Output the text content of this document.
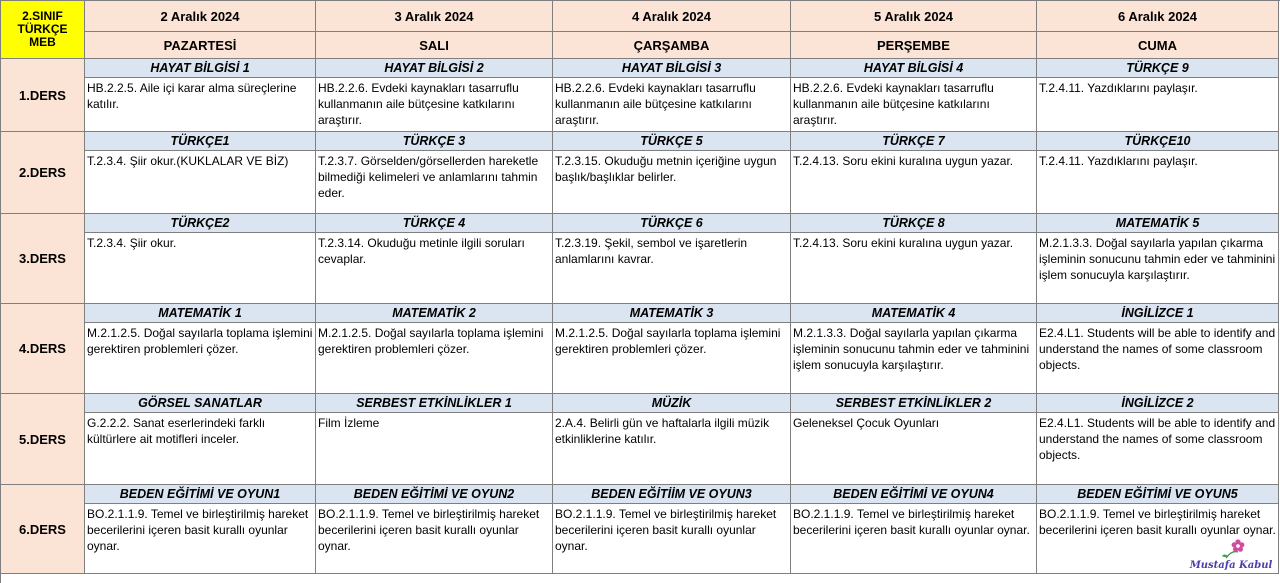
2.SINIF
TÜRKÇE
MEB
2 Aralık 2024
PAZARTESİ
3 Aralık 2024
SALI
4 Aralık 2024
ÇARŞAMBA
5 Aralık 2024
PERŞEMBE
6 Aralık 2024
CUMA
1.DERS
HAYAT BİLGİSİ 1
HB.2.2.5. Aile içi karar alma süreçlerine katılır.
HAYAT BİLGİSİ 2
HB.2.2.6. Evdeki kaynakları tasarruflu kullanmanın aile bütçesine katkılarını araştırır.
HAYAT BİLGİSİ 3
HB.2.2.6. Evdeki kaynakları tasarruflu kullanmanın aile bütçesine katkılarını araştırır.
HAYAT BİLGİSİ 4
HB.2.2.6. Evdeki kaynakları tasarruflu kullanmanın aile bütçesine katkılarını araştırır.
TÜRKÇE 9
T.2.4.11. Yazdıklarını paylaşır.
2.DERS
TÜRKÇE1
T.2.3.4. Şiir okur.(KUKLALAR VE BİZ)
TÜRKÇE 3
T.2.3.7. Görselden/görsellerden hareketle bilmediği kelimeleri ve anlamlarını tahmin eder.
TÜRKÇE 5
T.2.3.15. Okuduğu metnin içeriğine uygun başlık/başlıklar belirler.
TÜRKÇE 7
T.2.4.13. Soru ekini kuralına uygun yazar.
TÜRKÇE10
T.2.4.11. Yazdıklarını paylaşır.
3.DERS
TÜRKÇE2
T.2.3.4. Şiir okur.
TÜRKÇE 4
T.2.3.14. Okuduğu metinle ilgili soruları cevaplar.
TÜRKÇE 6
T.2.3.19. Şekil, sembol ve işaretlerin anlamlarını kavrar.
TÜRKÇE 8
T.2.4.13. Soru ekini kuralına uygun yazar.
MATEMATİK 5
M.2.1.3.3. Doğal sayılarla yapılan çıkarma işleminin sonucunu tahmin eder ve tahminini işlem sonucuyla karşılaştırır.
4.DERS
MATEMATİK 1
M.2.1.2.5. Doğal sayılarla toplama işlemini gerektiren problemleri çözer.
MATEMATİK 2
M.2.1.2.5. Doğal sayılarla toplama işlemini gerektiren problemleri çözer.
MATEMATİK 3
M.2.1.2.5. Doğal sayılarla toplama işlemini gerektiren problemleri çözer.
MATEMATİK 4
M.2.1.3.3. Doğal sayılarla yapılan çıkarma işleminin sonucunu tahmin eder ve tahminini işlem sonucuyla karşılaştırır.
İNGİLİZCE 1
E2.4.L1. Students will be able to identify and understand the names of some classroom objects.
5.DERS
GÖRSEL SANATLAR
G.2.2.2. Sanat eserlerindeki farklı kültürlere ait motifleri inceler.
SERBEST ETKİNLİKLER 1
Film İzleme
MÜZİK
2.A.4. Belirli gün ve haftalarla ilgili müzik etkinliklerine katılır.
SERBEST ETKİNLİKLER 2
Geleneksel Çocuk Oyunları
İNGİLİZCE 2
E2.4.L1. Students will be able to identify and understand the names of some classroom objects.
6.DERS
BEDEN EĞİTİMİ VE OYUN1
BO.2.1.1.9. Temel ve birleştirilmiş hareket becerilerini içeren basit kurallı oyunlar oynar.
BEDEN EĞİTİMİ VE OYUN2
BO.2.1.1.9. Temel ve birleştirilmiş hareket becerilerini içeren basit kurallı oyunlar oynar.
BEDEN EĞİTİİM VE OYUN3
BO.2.1.1.9. Temel ve birleştirilmiş hareket becerilerini içeren basit kurallı oyunlar oynar.
BEDEN EĞİTİMİ VE OYUN4
BO.2.1.1.9. Temel ve birleştirilmiş hareket becerilerini içeren basit kurallı oyunlar oynar.
BEDEN EĞİTİMİ VE OYUN5
BO.2.1.1.9. Temel ve birleştirilmiş hareket becerilerini içeren basit kurallı oyunlar oynar.
Mustafa Kabul
